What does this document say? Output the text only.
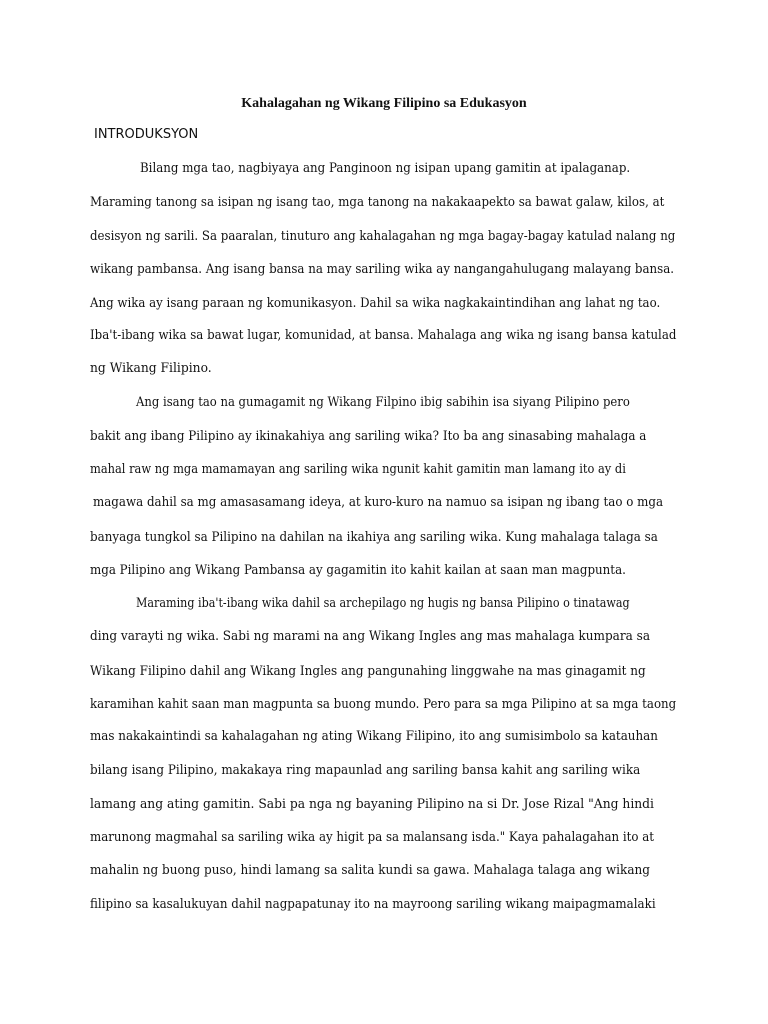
Kahalagahan ng Wikang Filipino sa Edukasyon
INTRODUKSYON
Bilang mga tao, nagbiyaya ang Panginoon ng isipan upang gamitin at ipalaganap.
Maraming tanong sa isipan ng isang tao, mga tanong na nakakaapekto sa bawat galaw, kilos, at
desisyon ng sarili. Sa paaralan, tinuturo ang kahalagahan ng mga bagay-bagay katulad nalang ng
wikang pambansa. Ang isang bansa na may sariling wika ay nangangahulugang malayang bansa.
Ang wika ay isang paraan ng komunikasyon. Dahil sa wika nagkakaintindihan ang lahat ng tao.
Iba't-ibang wika sa bawat lugar, komunidad, at bansa. Mahalaga ang wika ng isang bansa katulad
ng Wikang Filipino.
Ang isang tao na gumagamit ng Wikang Filpino ibig sabihin isa siyang Pilipino pero
bakit ang ibang Pilipino ay ikinakahiya ang sariling wika? Ito ba ang sinasabing mahalaga a
mahal raw ng mga mamamayan ang sariling wika ngunit kahit gamitin man lamang ito ay di
magawa dahil sa mg amasasamang ideya, at kuro-kuro na namuo sa isipan ng ibang tao o mga
banyaga tungkol sa Pilipino na dahilan na ikahiya ang sariling wika. Kung mahalaga talaga sa
mga Pilipino ang Wikang Pambansa ay gagamitin ito kahit kailan at saan man magpunta.
Maraming iba't-ibang wika dahil sa archepilago ng hugis ng bansa Pilipino o tinatawag
ding varayti ng wika. Sabi ng marami na ang Wikang Ingles ang mas mahalaga kumpara sa
Wikang Filipino dahil ang Wikang Ingles ang pangunahing linggwahe na mas ginagamit ng
karamihan kahit saan man magpunta sa buong mundo. Pero para sa mga Pilipino at sa mga taong
mas nakakaintindi sa kahalagahan ng ating Wikang Filipino, ito ang sumisimbolo sa katauhan
bilang isang Pilipino, makakaya ring mapaunlad ang sariling bansa kahit ang sariling wika
lamang ang ating gamitin. Sabi pa nga ng bayaning Pilipino na si Dr. Jose Rizal "Ang hindi
marunong magmahal sa sariling wika ay higit pa sa malansang isda." Kaya pahalagahan ito at
mahalin ng buong puso, hindi lamang sa salita kundi sa gawa. Mahalaga talaga ang wikang
filipino sa kasalukuyan dahil nagpapatunay ito na mayroong sariling wikang maipagmamalaki
